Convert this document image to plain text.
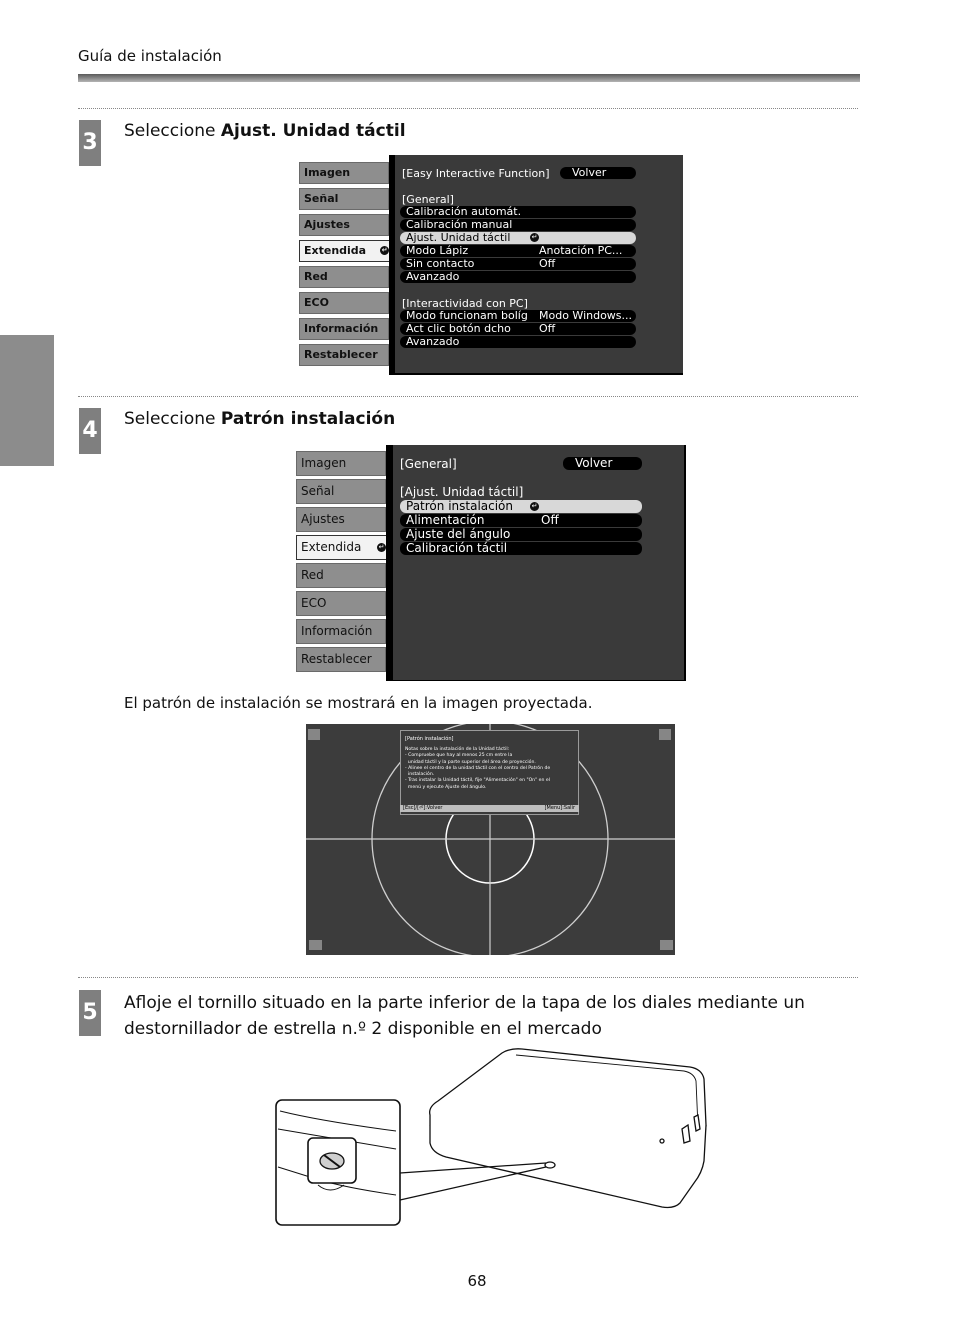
Guía de instalación
3 Seleccione Ajust. Unidad táctil
Imagen
Señal
Ajustes
Extendida ↵
Red
ECO
Información
Restablecer
[Easy Interactive Function] Volver
[General]
Calibración automát.
Calibración manual
Ajust. Unidad táctil	↵
Modo Lápiz	Anotación PC...
Sin contacto	Off
Avanzado
[Interactividad con PC]
Modo funcionam bolíg Modo Windows...
Act clic botón dcho	Off
Avanzado
4 Seleccione Patrón instalación
Imagen
Señal
Ajustes
Extendida ↵
Red
ECO
Información
Restablecer
[General]	Volver
[Ajust. Unidad táctil]
Patrón instalación	↵
Alimentación	Off
Ajuste del ángulo
Calibración táctil
El patrón de instalación se mostrará en la imagen proyectada.
[Patrón instalación]
Notas sobre la instalación de la Unidad táctil:
- Compruebe que hay al menos 25 cm entre la
unidad táctil y la parte superior del área de proyección.
- Alinee el centro de la unidad táctil con el centro del Patrón de
instalación.
- Tras instalar la Unidad táctil, fije "Alimentación" en "On" en el
menú y ejecute Ajuste del ángulo.
[Esc]/[⏎]:Volver	[Menu]:Salir
5 Afloje el tornillo situado en la parte inferior de la tapa de los diales mediante un
destornillador de estrella n.º 2 disponible en el mercado
68
